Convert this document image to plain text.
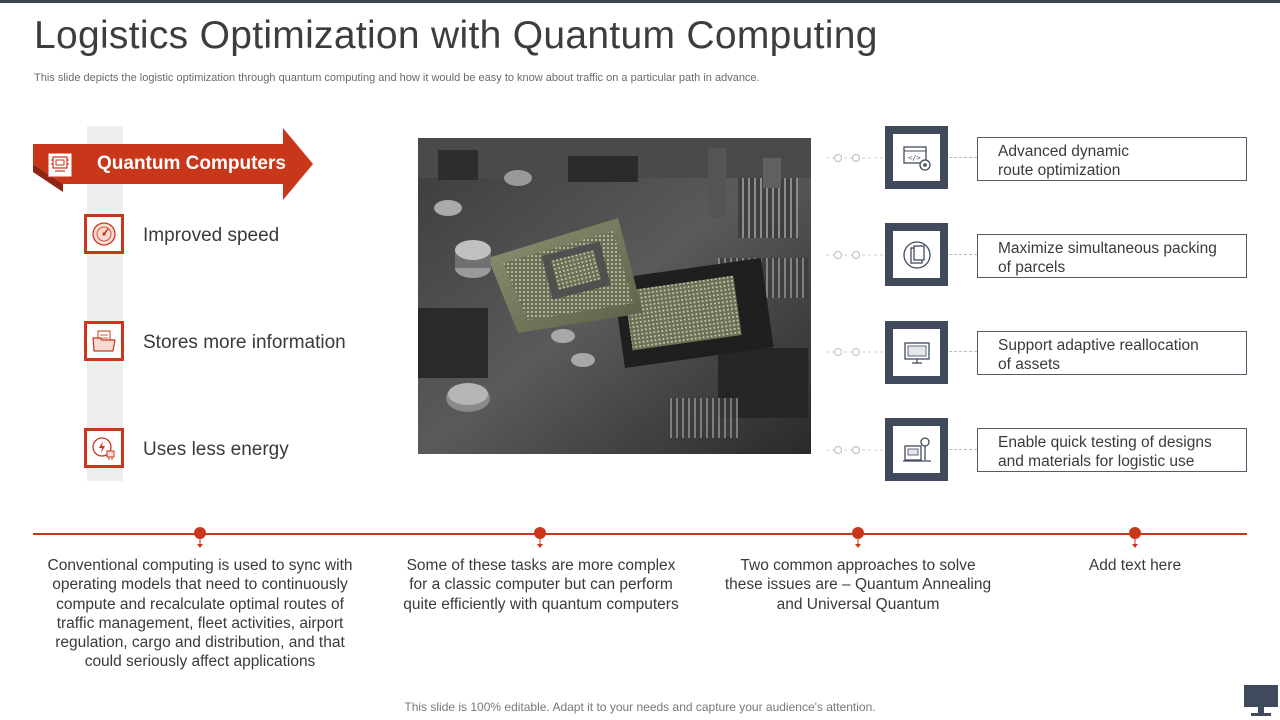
Logistics Optimization with Quantum Computing
This slide depicts the logistic optimization through quantum computing and how it would be easy to know about traffic on a particular path in advance.
Quantum Computers
Improved speed
Stores more information
Uses less energy
</>	Advanced dynamic
route optimization
Maximize simultaneous packing
of parcels
Support adaptive reallocation
of assets
Enable quick testing of designs
and materials for logistic use
Conventional computing is used to sync with
operating models that need to continuously
compute and recalculate optimal routes of
traffic management, fleet activities, airport
regulation, cargo and distribution, and that
could seriously affect applications
Some of these tasks are more complex
for a classic computer but can perform
quite efficiently with quantum computers
Two common approaches to solve
these issues are – Quantum Annealing
and Universal Quantum
Add text here
This slide is 100% editable. Adapt it to your needs and capture your audience's attention.
